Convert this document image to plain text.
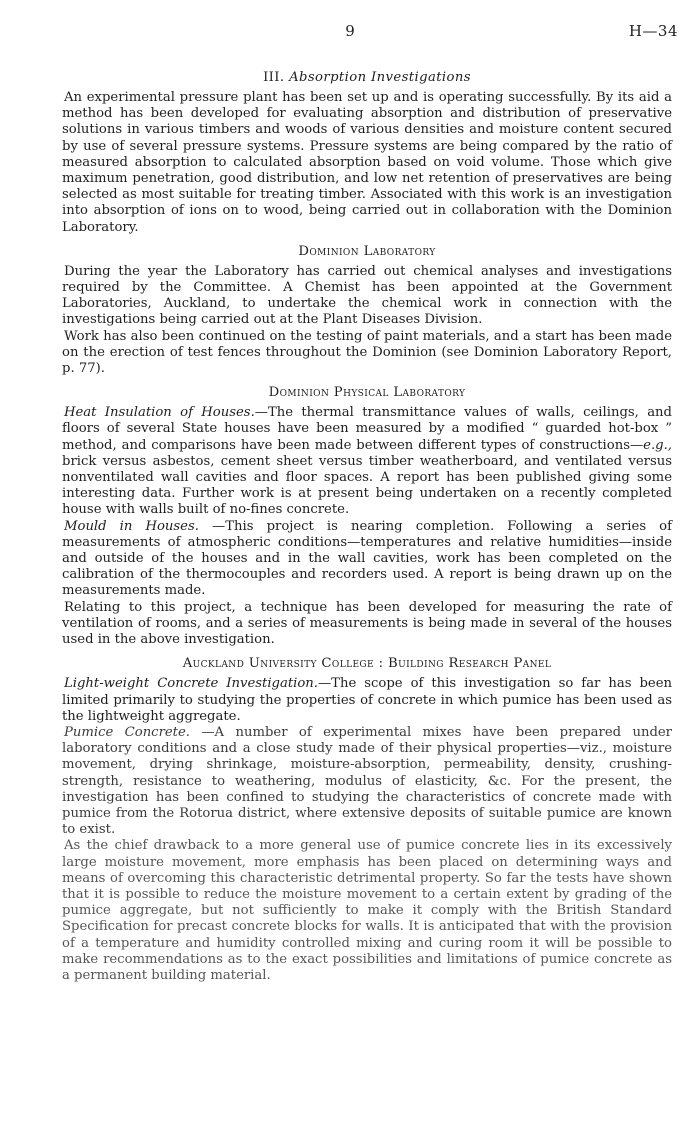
9	H—34
III. Absorption Investigations

An experimental pressure plant has been set up and is operating successfully. By its aid a method has been developed for evaluating absorption and distribution of preservative solutions in various timbers and woods of various densities and moisture content secured by use of several pressure systems. Pressure systems are being compared by the ratio of measured absorption to calculated absorption based on void volume. Those which give maximum penetration, good distribution, and low net retention of preservatives are being selected as most suitable for treating timber. Associated with this work is an investigation into absorption of ions on to wood, being carried out in collaboration with the Dominion Laboratory.

Dominion Laboratory

During the year the Laboratory has carried out chemical analyses and investigations required by the Committee. A Chemist has been appointed at the Government Laboratories, Auckland, to undertake the chemical work in connection with the investigations being carried out at the Plant Diseases Division.

Work has also been continued on the testing of paint materials, and a start has been made on the erection of test fences throughout the Dominion (see Dominion Laboratory Report, p. 77).

Dominion Physical Laboratory

Heat Insulation of Houses.—The thermal transmittance values of walls, ceilings, and floors of several State houses have been measured by a modified “ guarded hot-box ” method, and comparisons have been made between different types of constructions—e.g., brick versus asbestos, cement sheet versus timber weatherboard, and ventilated versus nonventilated wall cavities and floor spaces. A report has been published giving some interesting data. Further work is at present being undertaken on a recently completed house with walls built of no-fines concrete.

Mould in Houses. —This project is nearing completion. Following a series of measurements of atmospheric conditions—temperatures and relative humidities—inside and outside of the houses and in the wall cavities, work has been completed on the calibration of the thermocouples and recorders used. A report is being drawn up on the measurements made.

Relating to this project, a technique has been developed for measuring the rate of ventilation of rooms, and a series of measurements is being made in several of the houses used in the above investigation.

Auckland University College : Building Research Panel

Light-weight Concrete Investigation.—The scope of this investigation so far has been limited primarily to studying the properties of concrete in which pumice has been used as the lightweight aggregate.

Pumice Concrete. —A number of experimental mixes have been prepared under laboratory conditions and a close study made of their physical properties—viz., moisture movement, drying shrinkage, moisture-absorption, permeability, density, crushing-strength, resistance to weathering, modulus of elasticity, &c. For the present, the investigation has been confined to studying the characteristics of concrete made with pumice from the Rotorua district, where extensive deposits of suitable pumice are known to exist.

As the chief drawback to a more general use of pumice concrete lies in its excessively large moisture movement, more emphasis has been placed on determining ways and means of overcoming this characteristic detrimental property. So far the tests have shown that it is possible to reduce the moisture movement to a certain extent by grading of the pumice aggregate, but not sufficiently to make it comply with the British Standard Specification for precast concrete blocks for walls. It is anticipated that with the provision of a temperature and humidity controlled mixing and curing room it will be possible to make recommendations as to the exact possibilities and limitations of pumice concrete as a permanent building material.
